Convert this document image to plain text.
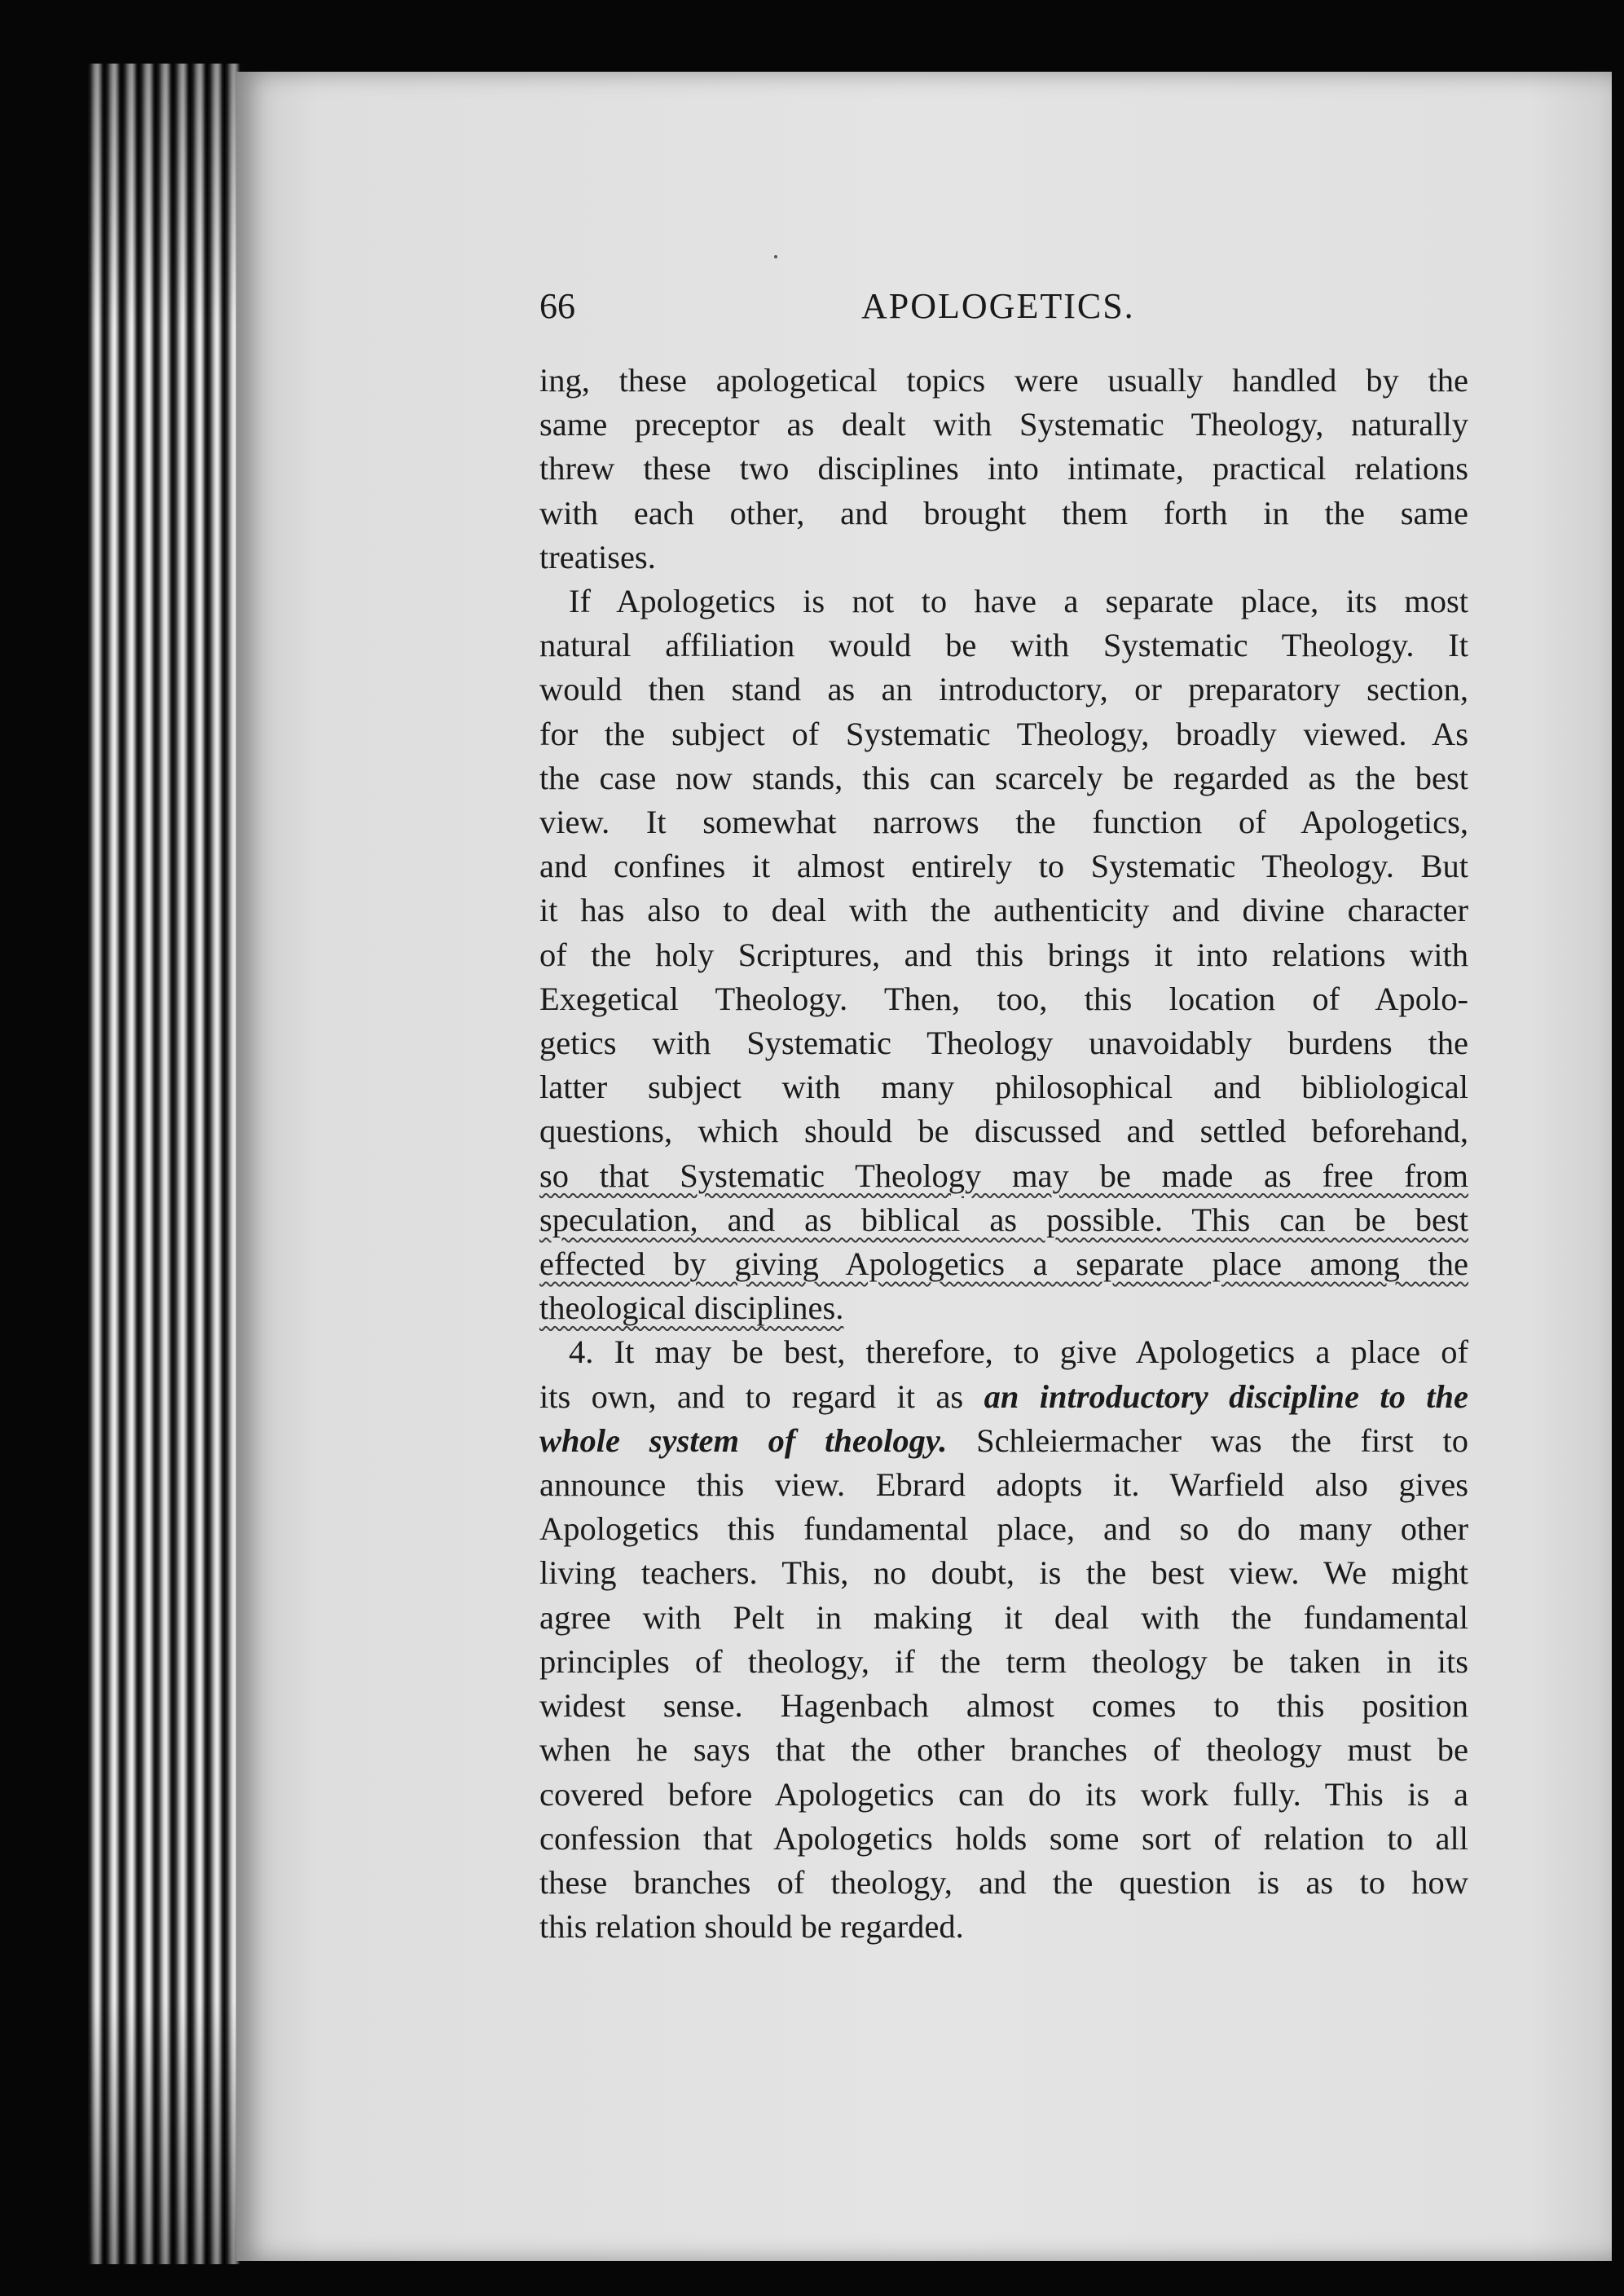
66	APOLOGETICS.

ing, these apologetical topics were usually handled by the
same preceptor as dealt with Systematic Theology, naturally
threw these two disciplines into intimate, practical relations
with each other, and brought them forth in the same
treatises.

If Apologetics is not to have a separate place, its most
natural affiliation would be with Systematic Theology. It
would then stand as an introductory, or preparatory section,
for the subject of Systematic Theology, broadly viewed. As
the case now stands, this can scarcely be regarded as the best
view. It somewhat narrows the function of Apologetics,
and confines it almost entirely to Systematic Theology. But
it has also to deal with the authenticity and divine character
of the holy Scriptures, and this brings it into relations with
Exegetical Theology. Then, too, this location of Apolo-
getics with Systematic Theology unavoidably burdens the
latter subject with many philosophical and bibliological
questions, which should be discussed and settled beforehand,
so that Systematic Theology may be made as free from
speculation, and as biblical as possible. This can be best
effected by giving Apologetics a separate place among the
theological disciplines.

4. It may be best, therefore, to give Apologetics a place of
its own, and to regard it as an introductory discipline to the
whole system of theology. Schleiermacher was the first to
announce this view. Ebrard adopts it. Warfield also gives
Apologetics this fundamental place, and so do many other
living teachers. This, no doubt, is the best view. We might
agree with Pelt in making it deal with the fundamental
principles of theology, if the term theology be taken in its
widest sense. Hagenbach almost comes to this position
when he says that the other branches of theology must be
covered before Apologetics can do its work fully. This is a
confession that Apologetics holds some sort of relation to all
these branches of theology, and the question is as to how
this relation should be regarded.
